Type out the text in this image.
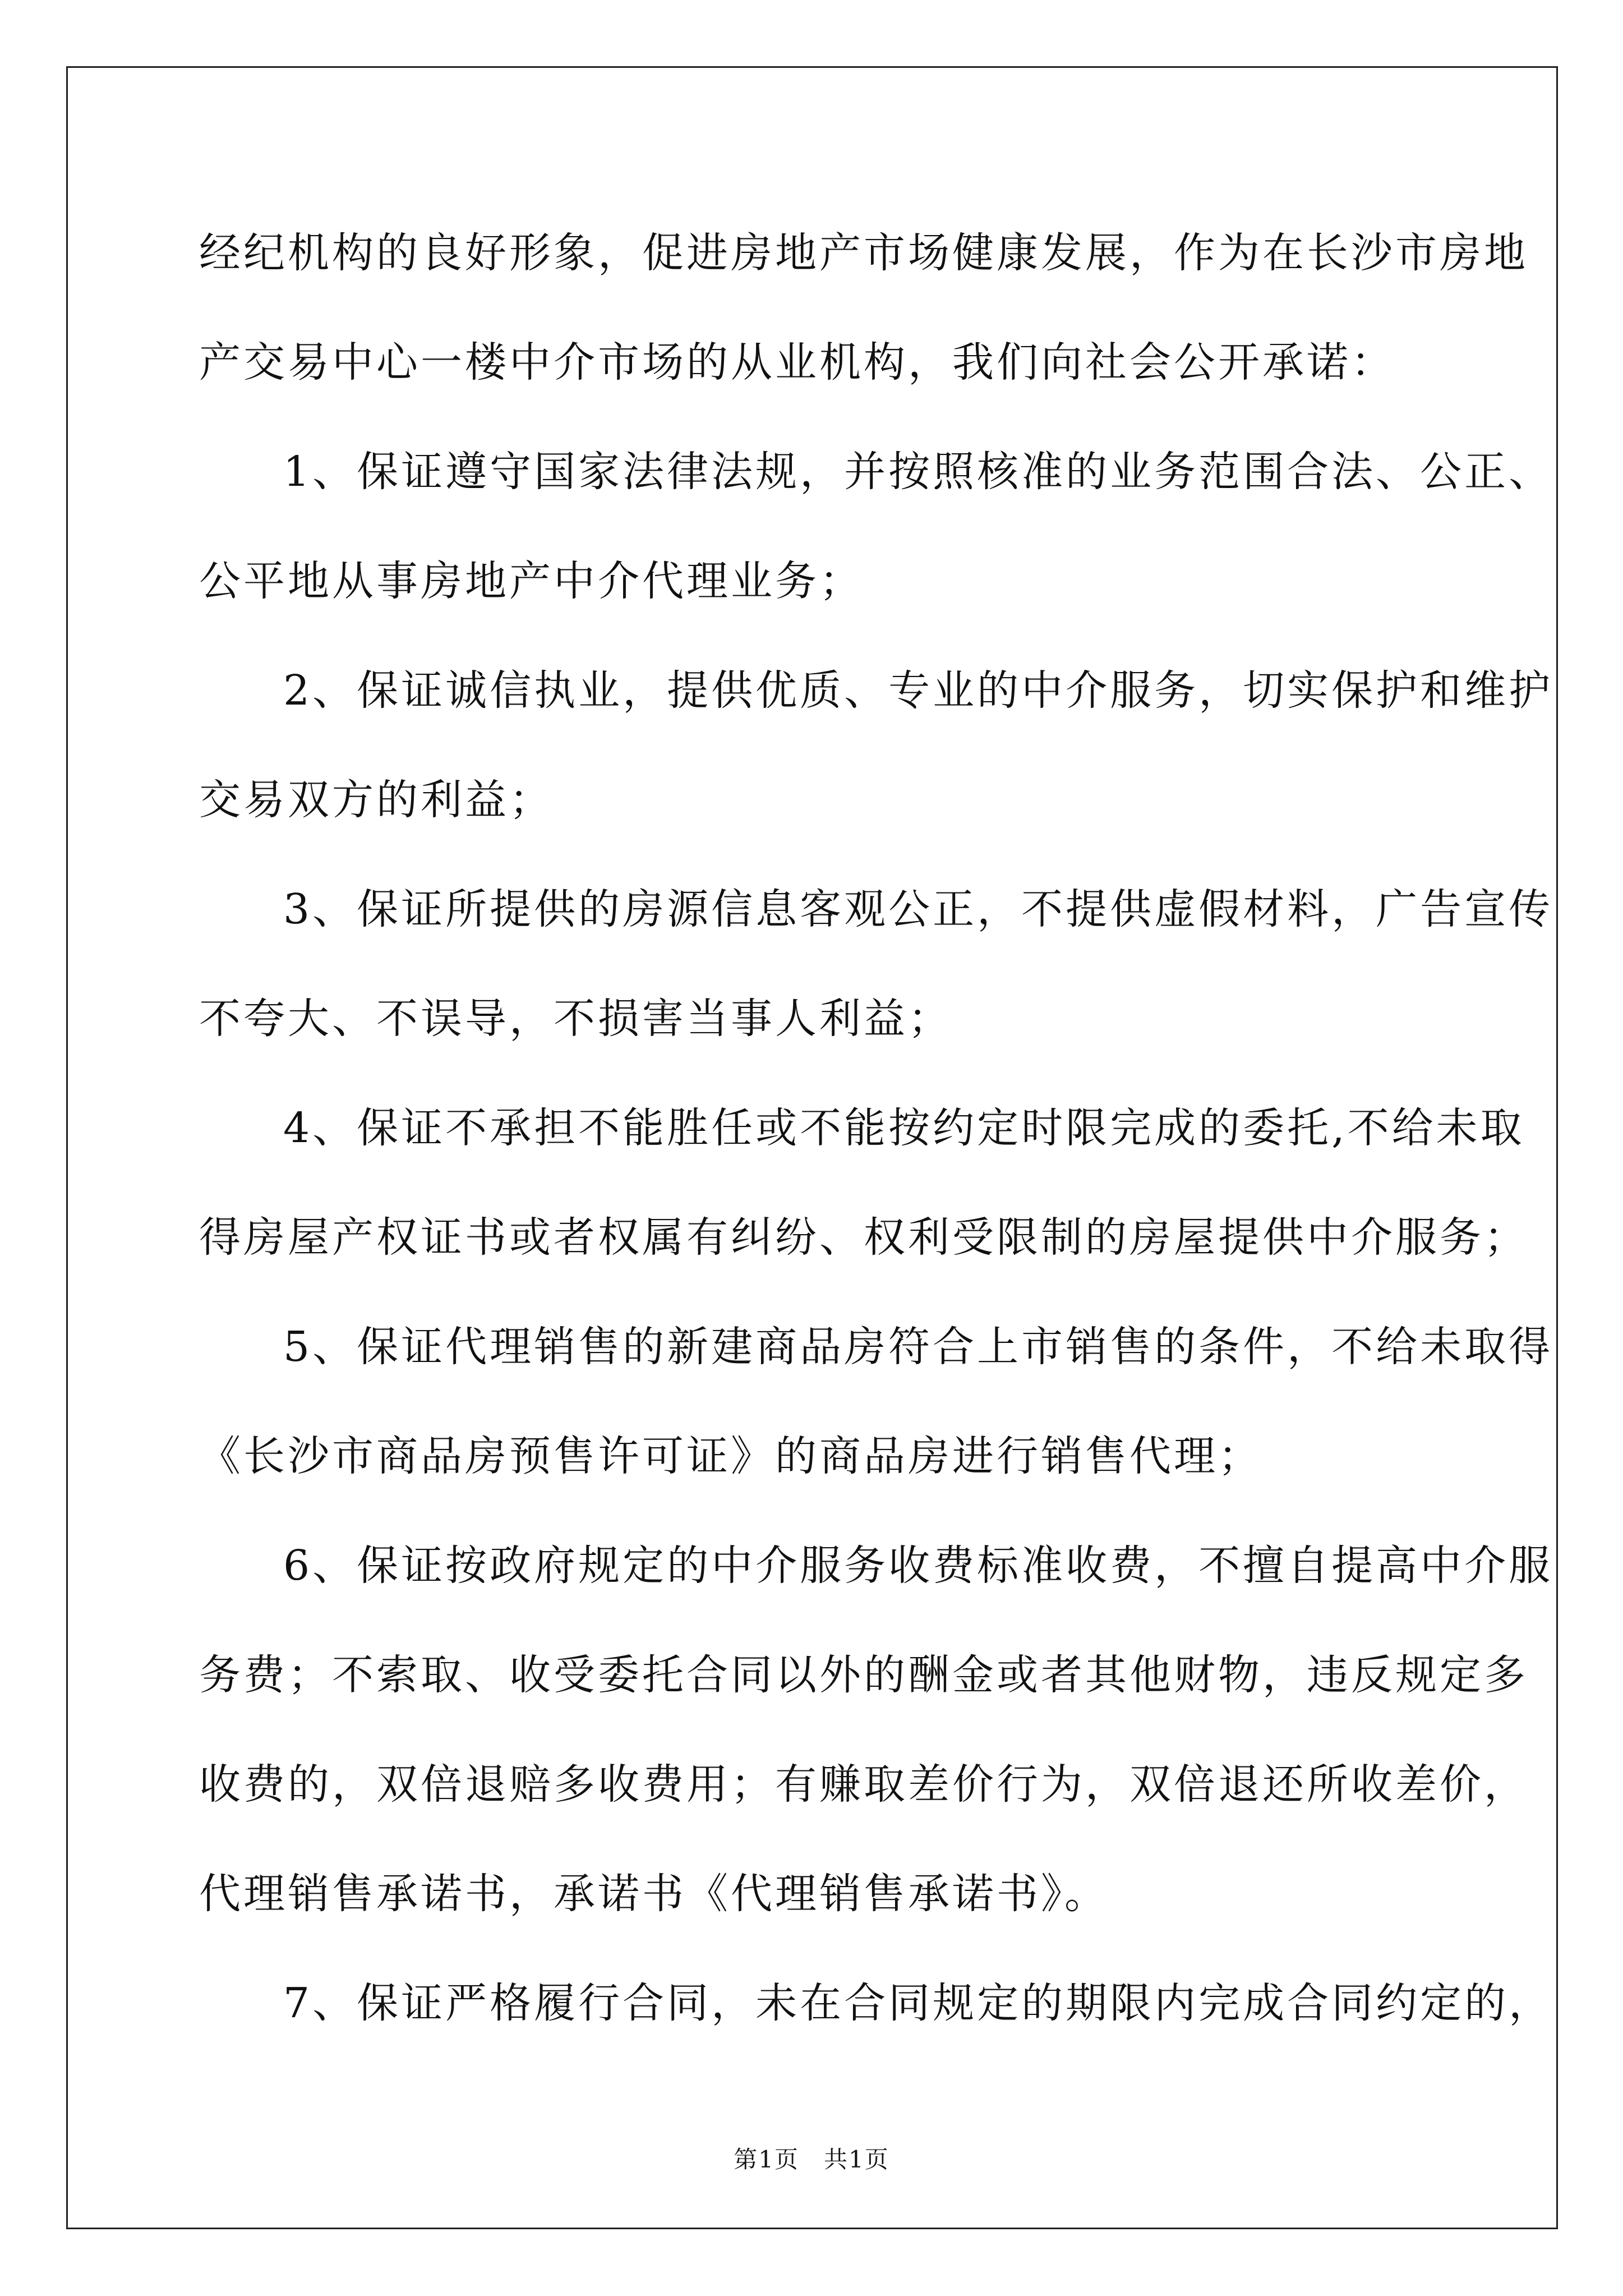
经纪机构的良好形象，促进房地产市场健康发展，作为在长沙市房地
产交易中心一楼中介市场的从业机构，我们向社会公开承诺：
1、保证遵守国家法律法规，并按照核准的业务范围合法、公正、
公平地从事房地产中介代理业务；
2、保证诚信执业，提供优质、专业的中介服务，切实保护和维护
交易双方的利益；
3、保证所提供的房源信息客观公正，不提供虚假材料，广告宣传
不夸大、不误导，不损害当事人利益；
4、保证不承担不能胜任或不能按约定时限完成的委托,不给未取
得房屋产权证书或者权属有纠纷、权利受限制的房屋提供中介服务；
5、保证代理销售的新建商品房符合上市销售的条件，不给未取得
《长沙市商品房预售许可证》的商品房进行销售代理；
6、保证按政府规定的中介服务收费标准收费，不擅自提高中介服
务费；不索取、收受委托合同以外的酬金或者其他财物，违反规定多
收费的，双倍退赔多收费用；有赚取差价行为，双倍退还所收差价，
代理销售承诺书，承诺书《代理销售承诺书》。
7、保证严格履行合同，未在合同规定的期限内完成合同约定的，
第1页　共1页
